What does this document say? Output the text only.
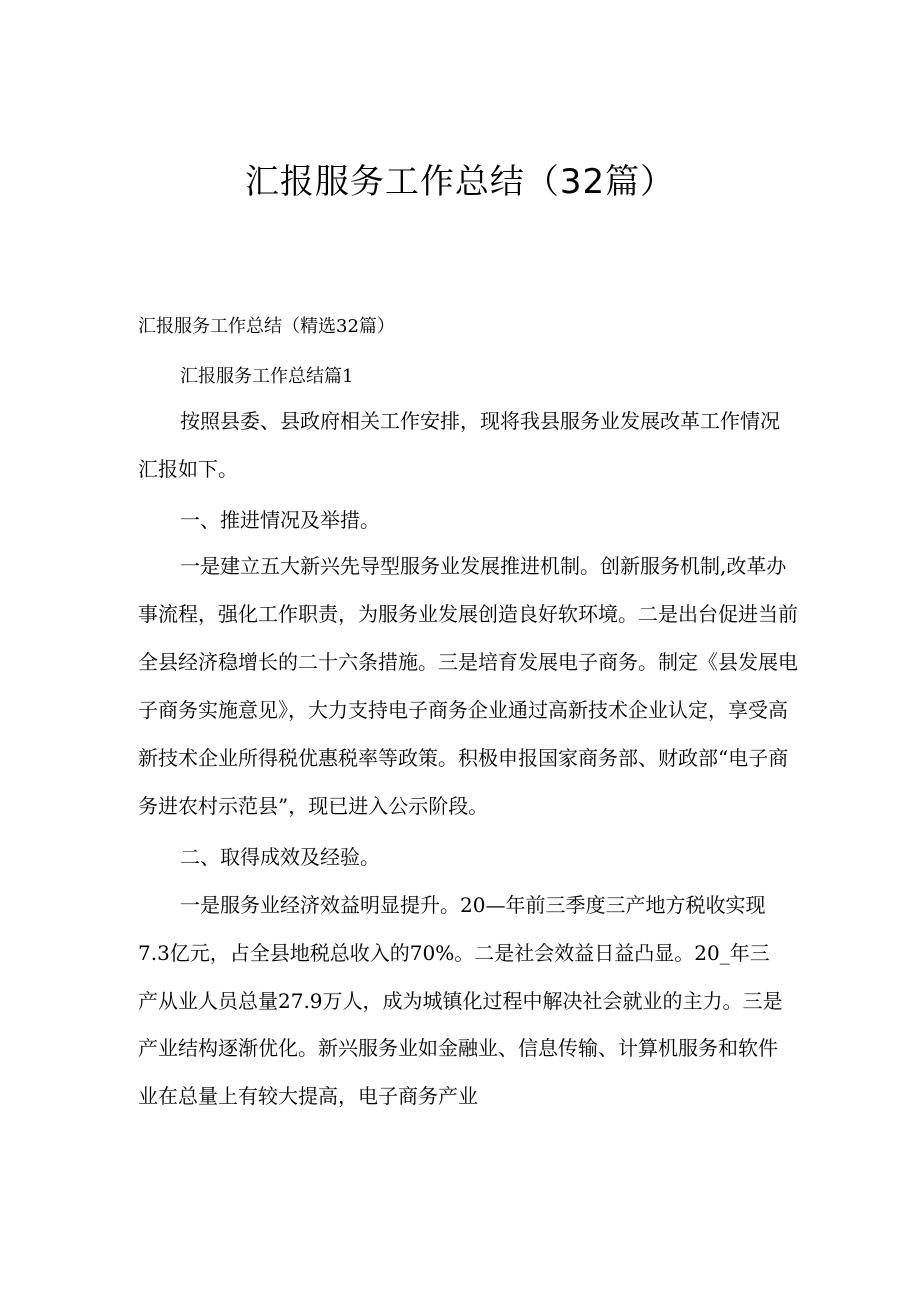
汇报服务工作总结（32篇）

汇报服务工作总结（精选32篇）

汇报服务工作总结篇1

按照县委、县政府相关工作安排，现将我县服务业发展改革工作情况

汇报如下。

一、推进情况及举措。

一是建立五大新兴先导型服务业发展推进机制。创新服务机制,改革办

事流程，强化工作职责，为服务业发展创造良好软环境。二是出台促进当前

全县经济稳增长的二十六条措施。三是培育发展电子商务。制定《县发展电

子商务实施意见》，大力支持电子商务企业通过高新技术企业认定，享受高

新技术企业所得税优惠税率等政策。积极申报国家商务部、财政部“电子商

务进农村示范县”，现已进入公示阶段。

二、取得成效及经验。

一是服务业经济效益明显提升。20—年前三季度三产地方税收实现

7.3亿元，占全县地税总收入的70%。二是社会效益日益凸显。20_年三

产从业人员总量27.9万人，成为城镇化过程中解决社会就业的主力。三是

产业结构逐渐优化。新兴服务业如金融业、信息传输、计算机服务和软件

业在总量上有较大提高，电子商务产业
